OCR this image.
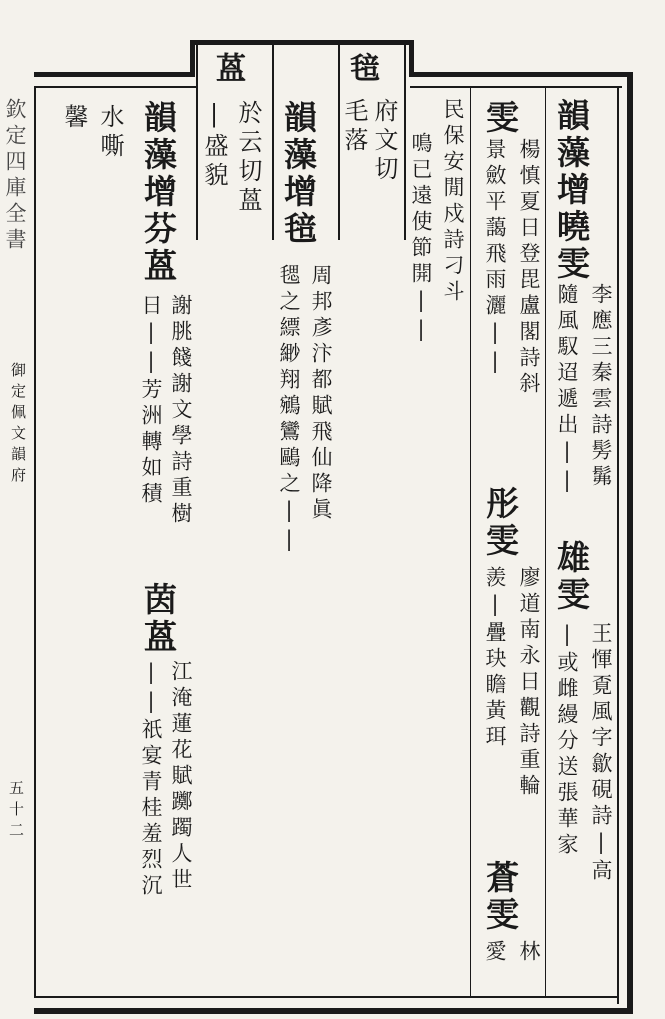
欽定四庫全書
御定佩文韻府
五十二
蒕	毰
韻藻增曉雯
李應三秦雲詩髣髴
隨風馭迢遞出||
雄雯
王惲覔風字歙硯詩|高
|或雌縵分送張華家
雯
楊慎夏日登毘盧閣詩斜
景斂平藹飛雨灑||
彤雯
廖道南永日觀詩重輪
羨|疊玦瞻黃珥
蒼雯
林
愛
民保安閒戍詩刁斗
鳴已遠使節開||
府文切
毛落
韻藻增毰
周邦彥汴都賦飛仙降眞
毸之縹緲翔鵷鸞鷗之||
於云切蒕
|盛貌
韻藻增芬蒕
謝朓餞謝文學詩重樹
日||芳洲轉如積
茵蒕
江淹蓮花賦躑躅人世
||祇宴青桂羞烈沉
水嘶
馨
